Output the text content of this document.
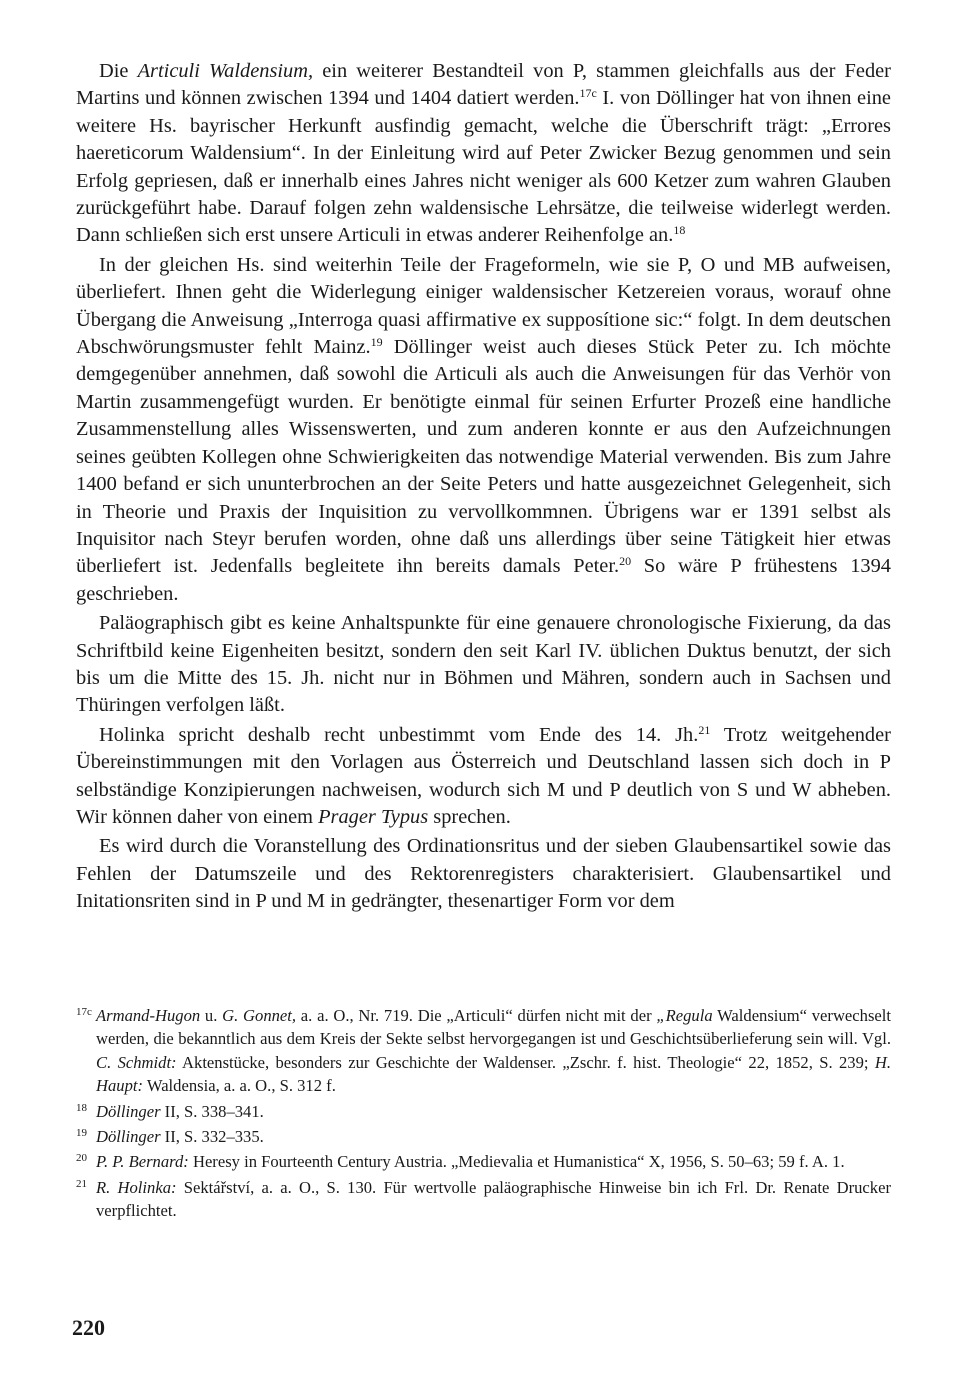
Die Articuli Waldensium, ein weiterer Bestandteil von P, stammen gleichfalls aus der Feder Martins und können zwischen 1394 und 1404 datiert werden.$^{17c}$ I. von Döllinger hat von ihnen eine weitere Hs. bayrischer Herkunft ausfindig gemacht, welche die Überschrift trägt: „Errores haereticorum Waldensium“. In der Einleitung wird auf Peter Zwicker Bezug genommen und sein Erfolg gepriesen, daß er innerhalb eines Jahres nicht weniger als 600 Ketzer zum wahren Glauben zurückgeführt habe. Darauf folgen zehn waldensische Lehrsätze, die teilweise widerlegt werden. Dann schließen sich erst unsere Articuli in etwas anderer Reihenfolge an.$^{18}$

In der gleichen Hs. sind weiterhin Teile der Frageformeln, wie sie P, O und MB aufweisen, überliefert. Ihnen geht die Widerlegung einiger waldensischer Ketzereien voraus, worauf ohne Übergang die Anweisung „Interroga quasi affirmative ex supposítione sic:“ folgt. In dem deutschen Abschwörungsmuster fehlt Mainz.$^{19}$ Döllinger weist auch dieses Stück Peter zu. Ich möchte demgegenüber annehmen, daß sowohl die Articuli als auch die Anweisungen für das Verhör von Martin zusammengefügt wurden. Er benötigte einmal für seinen Erfurter Prozeß eine handliche Zusammenstellung alles Wissenswerten, und zum anderen konnte er aus den Aufzeichnungen seines geübten Kollegen ohne Schwierigkeiten das notwendige Material verwenden. Bis zum Jahre 1400 befand er sich ununterbrochen an der Seite Peters und hatte ausgezeichnet Gelegenheit, sich in Theorie und Praxis der Inquisition zu vervollkommnen. Übrigens war er 1391 selbst als Inquisitor nach Steyr berufen worden, ohne daß uns allerdings über seine Tätigkeit hier etwas überliefert ist. Jedenfalls begleitete ihn bereits damals Peter.$^{20}$ So wäre P frühestens 1394 geschrieben.

Paläographisch gibt es keine Anhaltspunkte für eine genauere chronologische Fixierung, da das Schriftbild keine Eigenheiten besitzt, sondern den seit Karl IV. üblichen Duktus benutzt, der sich bis um die Mitte des 15. Jh. nicht nur in Böhmen und Mähren, sondern auch in Sachsen und Thüringen verfolgen läßt.

Holinka spricht deshalb recht unbestimmt vom Ende des 14. Jh.$^{21}$ Trotz weitgehender Übereinstimmungen mit den Vorlagen aus Österreich und Deutschland lassen sich doch in P selbständige Konzipierungen nachweisen, wodurch sich M und P deutlich von S und W abheben. Wir können daher von einem Prager Typus sprechen.

Es wird durch die Voranstellung des Ordinationsritus und der sieben Glaubensartikel sowie das Fehlen der Datumszeile und des Rektorenregisters charakterisiert. Glaubensartikel und Initationsriten sind in P und M in gedrängter, thesenartiger Form vor dem

17c Armand-Hugon u. G. Gonnet, a. a. O., Nr. 719. Die „Articuli“ dürfen nicht mit der „Regula Waldensium“ verwechselt werden, die bekanntlich aus dem Kreis der Sekte selbst hervorgegangen ist und Geschichtsüberlieferung sein will. Vgl. C. Schmidt: Aktenstücke, besonders zur Geschichte der Waldenser. „Zschr. f. hist. Theologie“ 22, 1852, S. 239; H. Haupt: Waldensia, a. a. O., S. 312 f.

18 Döllinger II, S. 338–341.

19 Döllinger II, S. 332–335.

20 P. P. Bernard: Heresy in Fourteenth Century Austria. „Medievalia et Humanistica“ X, 1956, S. 50–63; 59 f. A. 1.

21 R. Holinka: Sektářství, a. a. O., S. 130. Für wertvolle paläographische Hinweise bin ich Frl. Dr. Renate Drucker verpflichtet.

220
